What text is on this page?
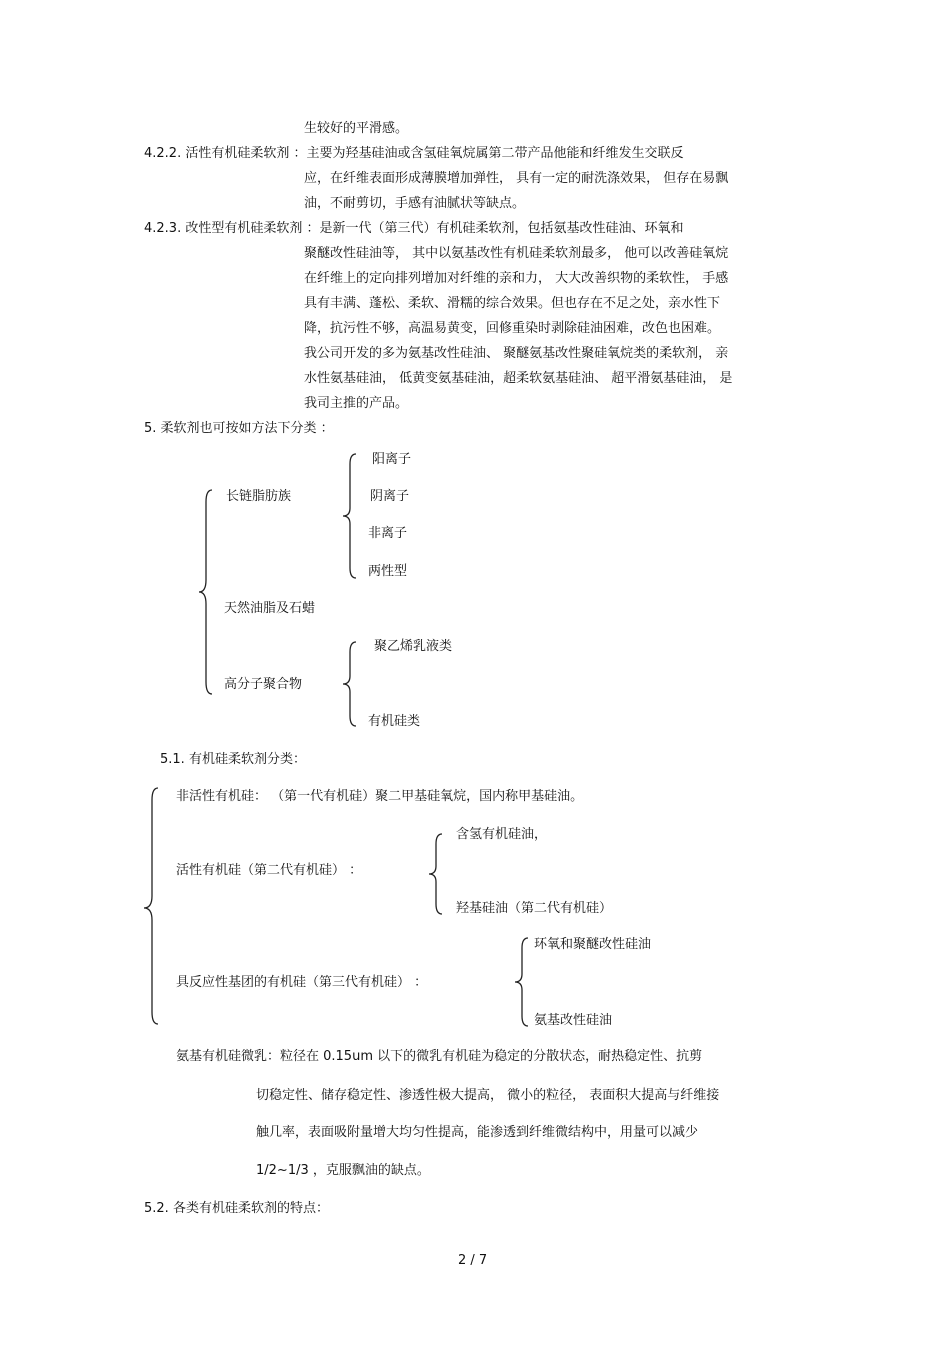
生较好的平滑感。
4.2.2. 活性有机硅柔软剂 ：主要为羟基硅油或含氢硅氧烷属第二带产品他能和纤维发生交联反
应，在纤维表面形成薄膜增加弹性， 具有一定的耐洗涤效果， 但存在易飘
油，不耐剪切，手感有油腻状等缺点。
4.2.3. 改性型有机硅柔软剂 ：是新一代（第三代）有机硅柔软剂，包括氨基改性硅油、环氧和
聚醚改性硅油等， 其中以氨基改性有机硅柔软剂最多， 他可以改善硅氧烷
在纤维上的定向排列增加对纤维的亲和力， 大大改善织物的柔软性， 手感
具有丰满、蓬松、柔软、滑糯的综合效果。但也存在不足之处，亲水性下
降，抗污性不够，高温易黄变，回修重染时剥除硅油困难，改色也困难。
我公司开发的多为氨基改性硅油、 聚醚氨基改性聚硅氧烷类的柔软剂， 亲
水性氨基硅油， 低黄变氨基硅油，超柔软氨基硅油、 超平滑氨基硅油， 是
我司主推的产品。
5. 柔软剂也可按如方法下分类 ：
长链脂肪族
阳离子
阴离子
非离子
两性型
天然油脂及石蜡
高分子聚合物
聚乙烯乳液类
有机硅类
5.1. 有机硅柔软剂分类：
非活性有机硅： （第一代有机硅）聚二甲基硅氧烷，国内称甲基硅油。
活性有机硅（第二代有机硅） ：
含氢有机硅油，
羟基硅油（第二代有机硅）
具反应性基团的有机硅（第三代有机硅） ：
环氧和聚醚改性硅油
氨基改性硅油
氨基有机硅微乳：粒径在 0.15um 以下的微乳有机硅为稳定的分散状态，耐热稳定性、抗剪
切稳定性、储存稳定性、渗透性极大提高， 微小的粒径， 表面积大提高与纤维接
触几率，表面吸附量增大均匀性提高，能渗透到纤维微结构中，用量可以减少
1/2~1/3 ，克服飘油的缺点。
5.2. 各类有机硅柔软剂的特点：
2 / 7
